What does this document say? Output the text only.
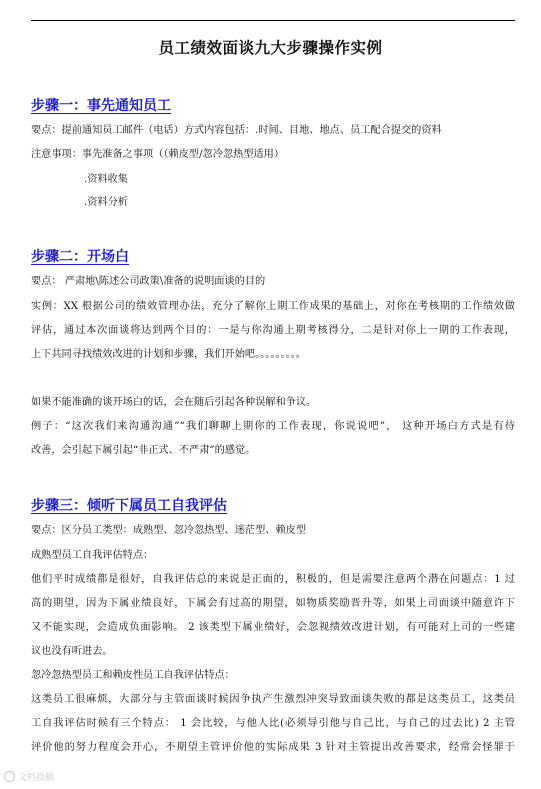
员工绩效面谈九大步骤操作实例
步骤一：事先通知员工
要点：提前通知员工邮件（电话）方式内容包括：.时间、目地、地点、员工配合提交的资料
注意事项：事先准备之事项（（赖皮型/忽冷忽热型适用）
.资料收集
.资料分析
步骤二：开场白
要点： 严肃地\陈述公司政策\准备的说明面谈的目的
实例：XX 根据公司的绩效管理办法，充分了解你上期工作成果的基础上，对你在考核期的工作绩效做
评估，通过本次面谈将达到两个目的：一是与你沟通上期考核得分，二是针对你上一期的工作表现，
上下共同寻找绩效改进的计划和步骤，我们开始吧。。。。。。。。。
如果不能准确的谈开场白的话，会在随后引起各种误解和争议。
例子：“这次我们来沟通沟通”“我们聊聊上期你的工作表现，你说说吧”， 这种开场白方式是有待
改善，会引起下属引起“非正式、不严肃”的感觉。
步骤三：倾听下属员工自我评估
要点：区分员工类型：成熟型、忽冷忽热型、迷茫型、赖皮型
成熟型员工自我评估特点：
他们平时成绩都是很好，自我评估总的来说是正面的，积极的，但是需要注意两个潜在问题点：1 过
高的期望，因为下属业绩良好，下属会有过高的期望，如物质奖励晋升等，如果上司面谈中随意许下
又不能实现，会造成负面影响。 2 该类型下属业绩好，会忽视绩效改进计划，有可能对上司的一些建
议也没有听进去。
忽冷忽热型员工和赖皮性员工自我评估特点：
这类员工很麻烦，大部分与主管面谈时候因争执产生激烈冲突导致面谈失败的都是这类员工，这类员
工自我评估时候有三个特点： 1 会比较，与他人比(必须导引他与自己比，与自己的过去比) 2 主管
评价他的努力程度会开心，不期望主管评价他的实际成果 3 针对主管提出改善要求，经常会怪罪于
文档投稿
